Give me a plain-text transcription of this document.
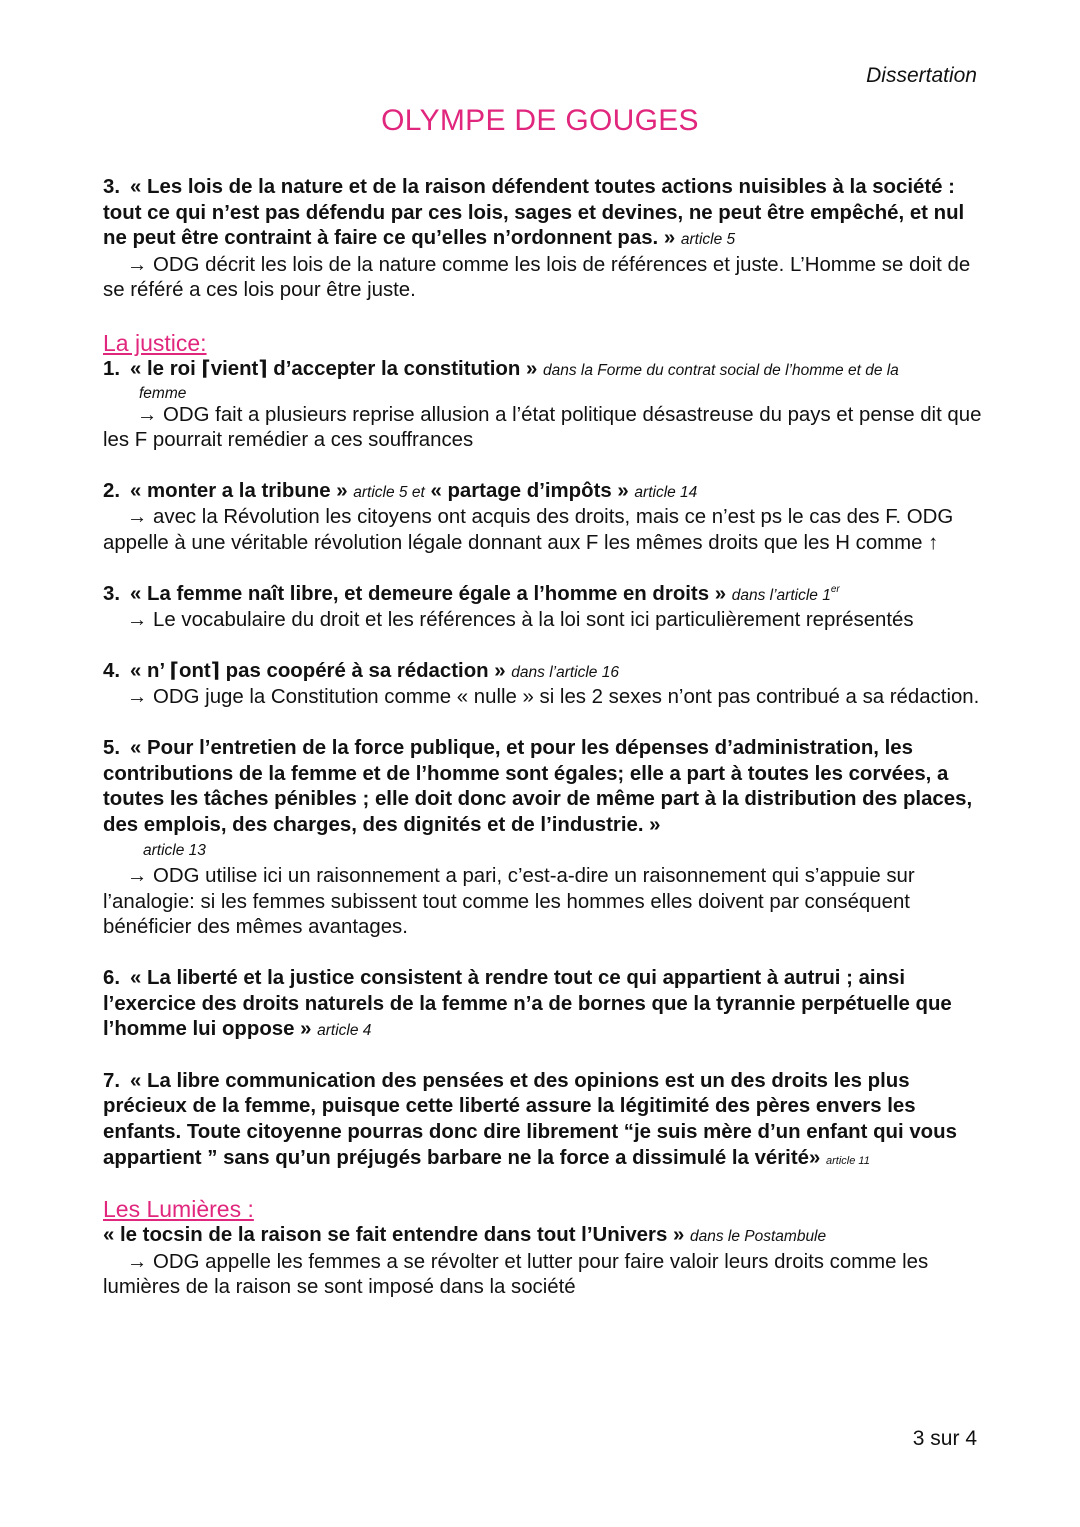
Dissertation
OLYMPE DE GOUGES
3. « Les lois de la nature et de la raison défendent toutes actions nuisibles à la société : tout ce qui n’est pas défendu par ces lois, sages et devines, ne peut être empêché, et nul ne peut être contraint à faire ce qu’elles n’ordonnent pas. » article 5
→ ODG décrit les lois de la nature comme les lois de références et juste. L’Homme se doit de se référé a ces lois pour être juste.
La justice:
1. « le roi ⌈vient⌉ d’accepter la constitution » dans la Forme du contrat social de l’homme et de la
femme
→ ODG fait a plusieurs reprise allusion a l’état politique désastreuse du pays et pense dit que les F pourrait remédier a ces souffrances
2. « monter a la tribune » article 5 et « partage d’impôts » article 14
→ avec la Révolution les citoyens ont acquis des droits, mais ce n’est ps le cas des F. ODG appelle à une véritable révolution légale donnant aux F les mêmes droits que les H comme ↑
3. « La femme naît libre, et demeure égale a l’homme en droits » dans l’article 1er
→ Le vocabulaire du droit et les références à la loi sont ici particulièrement représentés
4. « n’ ⌈ont⌉ pas coopéré à sa rédaction » dans l’article 16
→ ODG juge la Constitution comme « nulle » si les 2 sexes n’ont pas contribué a sa rédaction.
5. « Pour l’entretien de la force publique, et pour les dépenses d’administration, les contributions de la femme et de l’homme sont égales; elle a part à toutes les corvées, a toutes les tâches pénibles ; elle doit donc avoir de même part à la distribution des places, des emplois, des charges, des dignités et de l’industrie. »
article 13
→ ODG utilise ici un raisonnement a pari, c’est-a-dire un raisonnement qui s’appuie sur l’analogie: si les femmes subissent tout comme les hommes elles doivent par conséquent bénéficier des mêmes avantages.
6. « La liberté et la justice consistent à rendre tout ce qui appartient à autrui ; ainsi l’exercice des droits naturels de la femme n’a de bornes que la tyrannie perpétuelle que l’homme lui oppose » article 4
7. « La libre communication des pensées et des opinions est un des droits les plus précieux de la femme, puisque cette liberté assure la légitimité des pères envers les enfants. Toute citoyenne pourras donc dire librement “je suis mère d’un enfant qui vous appartient ” sans qu’un préjugés barbare ne la force a dissimulé la vérité» article 11
Les Lumières :
« le tocsin de la raison se fait entendre dans tout l’Univers » dans le Postambule
→ ODG appelle les femmes a se révolter et lutter pour faire valoir leurs droits comme les lumières de la raison se sont imposé dans la société
3 sur 4
